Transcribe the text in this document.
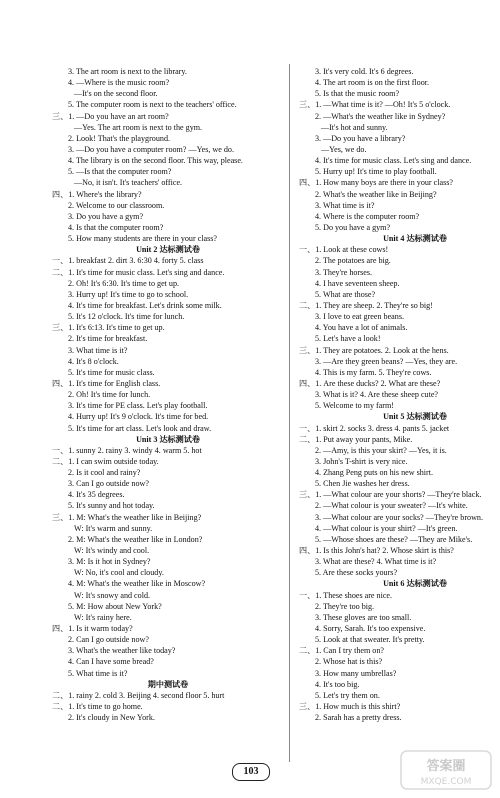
3. The art room is next to the library.
4. —Where is the music room?
—It's on the second floor.
5. The computer room is next to the teachers' office.
三、1. —Do you have an art room?
—Yes. The art room is next to the gym.
2. Look! That's the playground.
3. —Do you have a computer room? —Yes, we do.
4. The library is on the second floor. This way, please.
5. —Is that the computer room?
—No, it isn't. It's teachers' office.
四、1. Where's the library?
2. Welcome to our classroom.
3. Do you have a gym?
4. Is that the computer room?
5. How many students are there in your class?
Unit 2 达标测试卷
一、1. breakfast 2. dirt 3. 6:30 4. forty 5. class
二、1. It's time for music class. Let's sing and dance.
2. Oh! It's 6:30. It's time to get up.
3. Hurry up! It's time to go to school.
4. It's time for breakfast. Let's drink some milk.
5. It's 12 o'clock. It's time for lunch.
三、1. It's 6:13. It's time to get up.
2. It's time for breakfast.
3. What time is it?
4. It's 8 o'clock.
5. It's time for music class.
四、1. It's time for English class.
2. Oh! It's time for lunch.
3. It's time for PE class. Let's play football.
4. Hurry up! It's 9 o'clock. It's time for bed.
5. It's time for art class. Let's look and draw.
Unit 3 达标测试卷
一、1. sunny 2. rainy 3. windy 4. warm 5. hot
二、1. I can swim outside today.
2. Is it cool and rainy?
3. Can I go outside now?
4. It's 35 degrees.
5. It's sunny and hot today.
三、1. M: What's the weather like in Beijing?
W: It's warm and sunny.
2. M: What's the weather like in London?
W: It's windy and cool.
3. M: Is it hot in Sydney?
W: No, it's cool and cloudy.
4. M: What's the weather like in Moscow?
W: It's snowy and cold.
5. M: How about New York?
W: It's rainy here.
四、1. Is it warm today?
2. Can I go outside now?
3. What's the weather like today?
4. Can I have some bread?
5. What time is it?
期中测试卷
二、1. rainy 2. cold 3. Beijing 4. second floor 5. hurt
二、1. It's time to go home.
2. It's cloudy in New York.
3. It's very cold. It's 6 degrees.
4. The art room is on the first floor.
5. Is that the music room?
三、1. —What time is it? —Oh! It's 5 o'clock.
2. —What's the weather like in Sydney?
—It's hot and sunny.
3. —Do you have a library?
—Yes, we do.
4. It's time for music class. Let's sing and dance.
5. Hurry up! It's time to play football.
四、1. How many boys are there in your class?
2. What's the weather like in Beijing?
3. What time is it?
4. Where is the computer room?
5. Do you have a gym?
Unit 4 达标测试卷
一、1. Look at these cows!
2. The potatoes are big.
3. They're horses.
4. I have seventeen sheep.
5. What are those?
二、1. They are sheep. 2. They're so big!
3. I love to eat green beans.
4. You have a lot of animals.
5. Let's have a look!
三、1. They are potatoes. 2. Look at the hens.
3. —Are they green beans? —Yes, they are.
4. This is my farm. 5. They're cows.
四、1. Are these ducks? 2. What are these?
3. What is it? 4. Are these sheep cute?
5. Welcome to my farm!
Unit 5 达标测试卷
一、1. skirt 2. socks 3. dress 4. pants 5. jacket
二、1. Put away your pants, Mike.
2. —Amy, is this your skirt? —Yes, it is.
3. John's T-shirt is very nice.
4. Zhang Peng puts on his new shirt.
5. Chen Jie washes her dress.
三、1. —What colour are your shorts? —They're black.
2. —What colour is your sweater? —It's white.
3. —What colour are your socks? —They're brown.
4. —What colour is your shirt? —It's green.
5. —Whose shoes are these? —They are Mike's.
四、1. Is this John's hat? 2. Whose skirt is this?
3. What are these? 4. What time is it?
5. Are these socks yours?
Unit 6 达标测试卷
一、1. These shoes are nice.
2. They're too big.
3. These gloves are too small.
4. Sorry, Sarah. It's too expensive.
5. Look at that sweater. It's pretty.
二、1. Can I try them on?
2. Whose hat is this?
3. How many umbrellas?
4. It's too big.
5. Let's try them on.
三、1. How much is this shirt?
2. Sarah has a pretty dress.
103	答案圈
MXQE.COM
